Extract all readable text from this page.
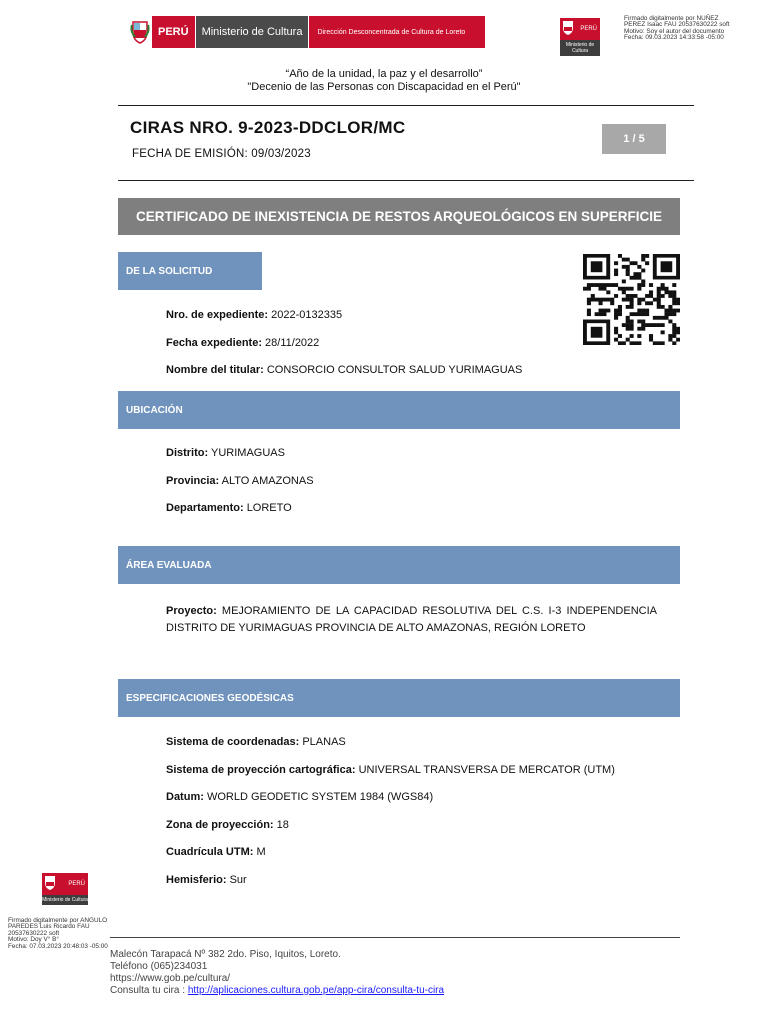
PERÚ	Ministerio de Cultura	Dirección Desconcentrada de Cultura de Loreto	PERÚ
Ministerio de Cultura
Firmado digitalmente por NUÑEZ
PEREZ Isaac FAU 20537630222 soft
Motivo: Soy el autor del documento
Fecha: 09.03.2023 14:33:58 -05:00
“Año de la unidad, la paz y el desarrollo”
"Decenio de las Personas con Discapacidad en el Perú"
CIRAS NRO. 9-2023-DDCLOR/MC
FECHA DE EMISIÓN: 09/03/2023
1 / 5
CERTIFICADO DE INEXISTENCIA DE RESTOS ARQUEOLÓGICOS EN SUPERFICIE
DE LA SOLICITUD
Nro. de expediente: 2022-0132335
Fecha expediente: 28/11/2022
Nombre del titular: CONSORCIO CONSULTOR SALUD YURIMAGUAS
UBICACIÓN
Distrito: YURIMAGUAS
Provincia: ALTO AMAZONAS
Departamento: LORETO
ÁREA EVALUADA
Proyecto: MEJORAMIENTO DE LA CAPACIDAD RESOLUTIVA DEL C.S. I-3 INDEPENDENCIA DISTRITO DE YURIMAGUAS PROVINCIA DE ALTO AMAZONAS, REGIÓN LORETO
ESPECIFICACIONES GEODÉSICAS
Sistema de coordenadas: PLANAS
Sistema de proyección cartográfica: UNIVERSAL TRANSVERSA DE MERCATOR (UTM)
Datum: WORLD GEODETIC SYSTEM 1984 (WGS84)
Zona de proyección: 18
Cuadrícula UTM: M
Hemisferio: Sur
PERÚ
Ministerio de Cultura
Firmado digitalmente por ANGULO
PAREDES Luis Ricardo FAU
20537630222 soft
Motivo: Doy V° B°
Fecha: 07.03.2023 20:48:03 -05:00
Malecón Tarapacá Nº 382 2do. Piso, Iquitos, Loreto.
Teléfono (065)234031
https://www.gob.pe/cultura/
Consulta tu cira : http://aplicaciones.cultura.gob.pe/app-cira/consulta-tu-cira
